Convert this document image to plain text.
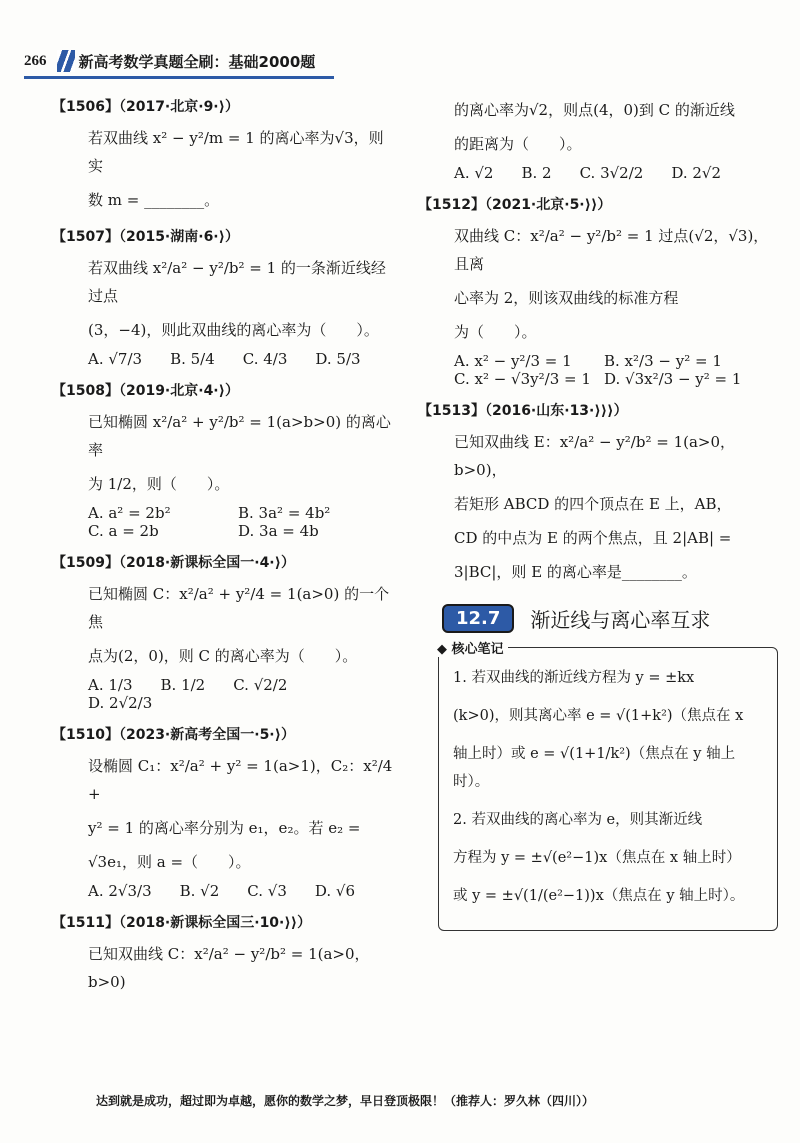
266 新高考数学真题全刷： 基础2000题
【1506】（2017·北京·9·⟩）
若双曲线 x² − y²/m = 1 的离心率为√3，则实
数 m = ________。
【1507】（2015·湖南·6·⟩）
若双曲线 x²/a² − y²/b² = 1 的一条渐近线经过点
(3，−4)，则此双曲线的离心率为（　　）。
A. √7/3 B. 5/4 C. 4/3 D. 5/3
【1508】（2019·北京·4·⟩）
已知椭圆 x²/a² + y²/b² = 1(a>b>0) 的离心率
为 1/2，则（　　）。
A. a² = 2b²	B. 3a² = 4b²
C. a = 2b	D. 3a = 4b
【1509】（2018·新课标全国一·4·⟩）
已知椭圆 C：x²/a² + y²/4 = 1(a>0) 的一个焦
点为(2，0)，则 C 的离心率为（　　）。
A. 1/3 B. 1/2 C. √2/2
D. 2√2/3
【1510】（2023·新高考全国一·5·⟩）
设椭圆 C₁：x²/a² + y² = 1(a>1)，C₂：x²/4 +
y² = 1 的离心率分别为 e₁，e₂。若 e₂ =
√3e₁，则 a =（　　）。
A. 2√3/3 B. √2 C. √3 D. √6
【1511】（2018·新课标全国三·10·⟩⟩）
已知双曲线 C：x²/a² − y²/b² = 1(a>0，b>0)
的离心率为√2，则点(4，0)到 C 的渐近线
的距离为（　　）。
A. √2 B. 2 C. 3√2/2 D. 2√2
【1512】（2021·北京·5·⟩⟩）
双曲线 C：x²/a² − y²/b² = 1 过点(√2，√3)，且离
心率为 2，则该双曲线的标准方程
为（　　）。
A. x² − y²/3 = 1	B. x²/3 − y² = 1
C. x² − √3y²/3 = 1 D. √3x²/3 − y² = 1
【1513】（2016·山东·13·⟩⟩⟩）
已知双曲线 E：x²/a² − y²/b² = 1(a>0，b>0)，
若矩形 ABCD 的四个顶点在 E 上，AB，
CD 的中点为 E 的两个焦点，且 2|AB| =
3|BC|，则 E 的离心率是________。
12.7	渐近线与离心率互求
◆ 核心笔记
1. 若双曲线的渐近线方程为 y = ±kx
(k>0)，则其离心率 e = √(1+k²)（焦点在 x
轴上时）或 e = √(1+1/k²)（焦点在 y 轴上时）。
2. 若双曲线的离心率为 e，则其渐近线
方程为 y = ±√(e²−1)x（焦点在 x 轴上时）
或 y = ±√(1/(e²−1))x（焦点在 y 轴上时）。
达到就是成功，超过即为卓越，愿你的数学之梦，早日登顶极限！（推荐人：罗久林（四川））
